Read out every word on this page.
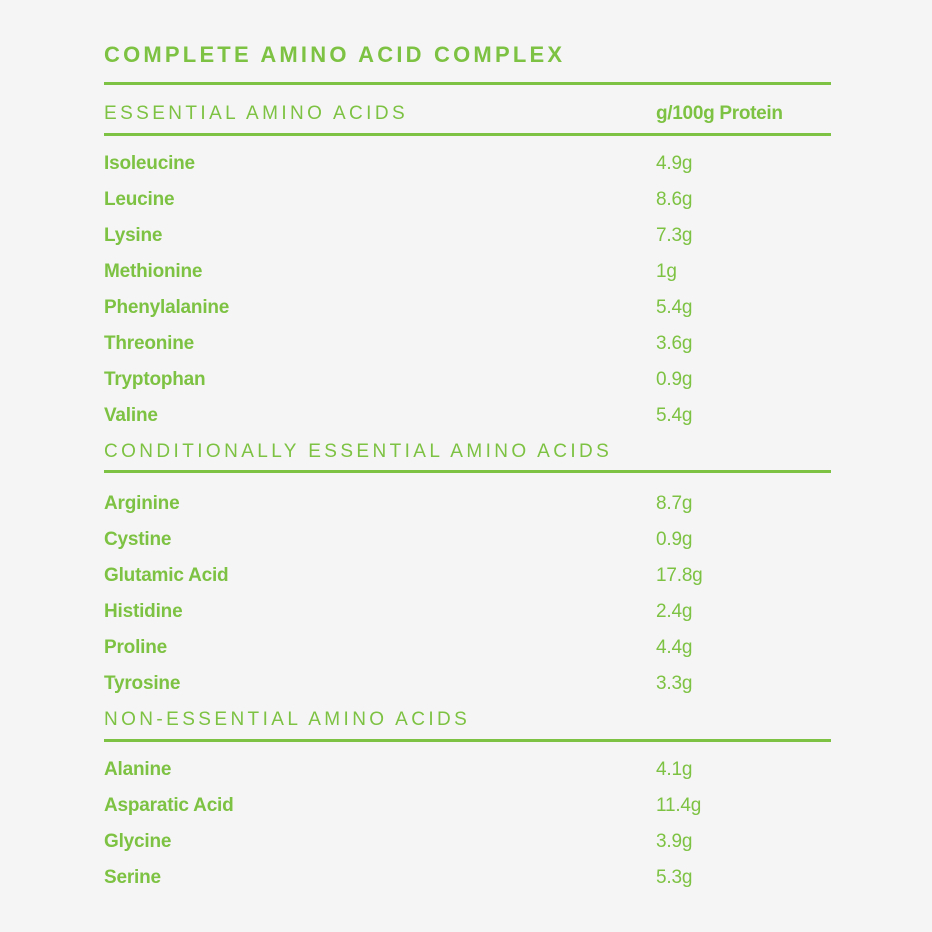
COMPLETE AMINO ACID COMPLEX
ESSENTIAL AMINO ACIDS	g/100g Protein
Isoleucine	4.9g
Leucine	8.6g
Lysine	7.3g
Methionine	1g
Phenylalanine	5.4g
Threonine	3.6g
Tryptophan	0.9g
Valine	5.4g
CONDITIONALLY ESSENTIAL AMINO ACIDS
Arginine	8.7g
Cystine	0.9g
Glutamic Acid	17.8g
Histidine	2.4g
Proline	4.4g
Tyrosine	3.3g
NON-ESSENTIAL AMINO ACIDS
Alanine	4.1g
Asparatic Acid	11.4g
Glycine	3.9g
Serine	5.3g
